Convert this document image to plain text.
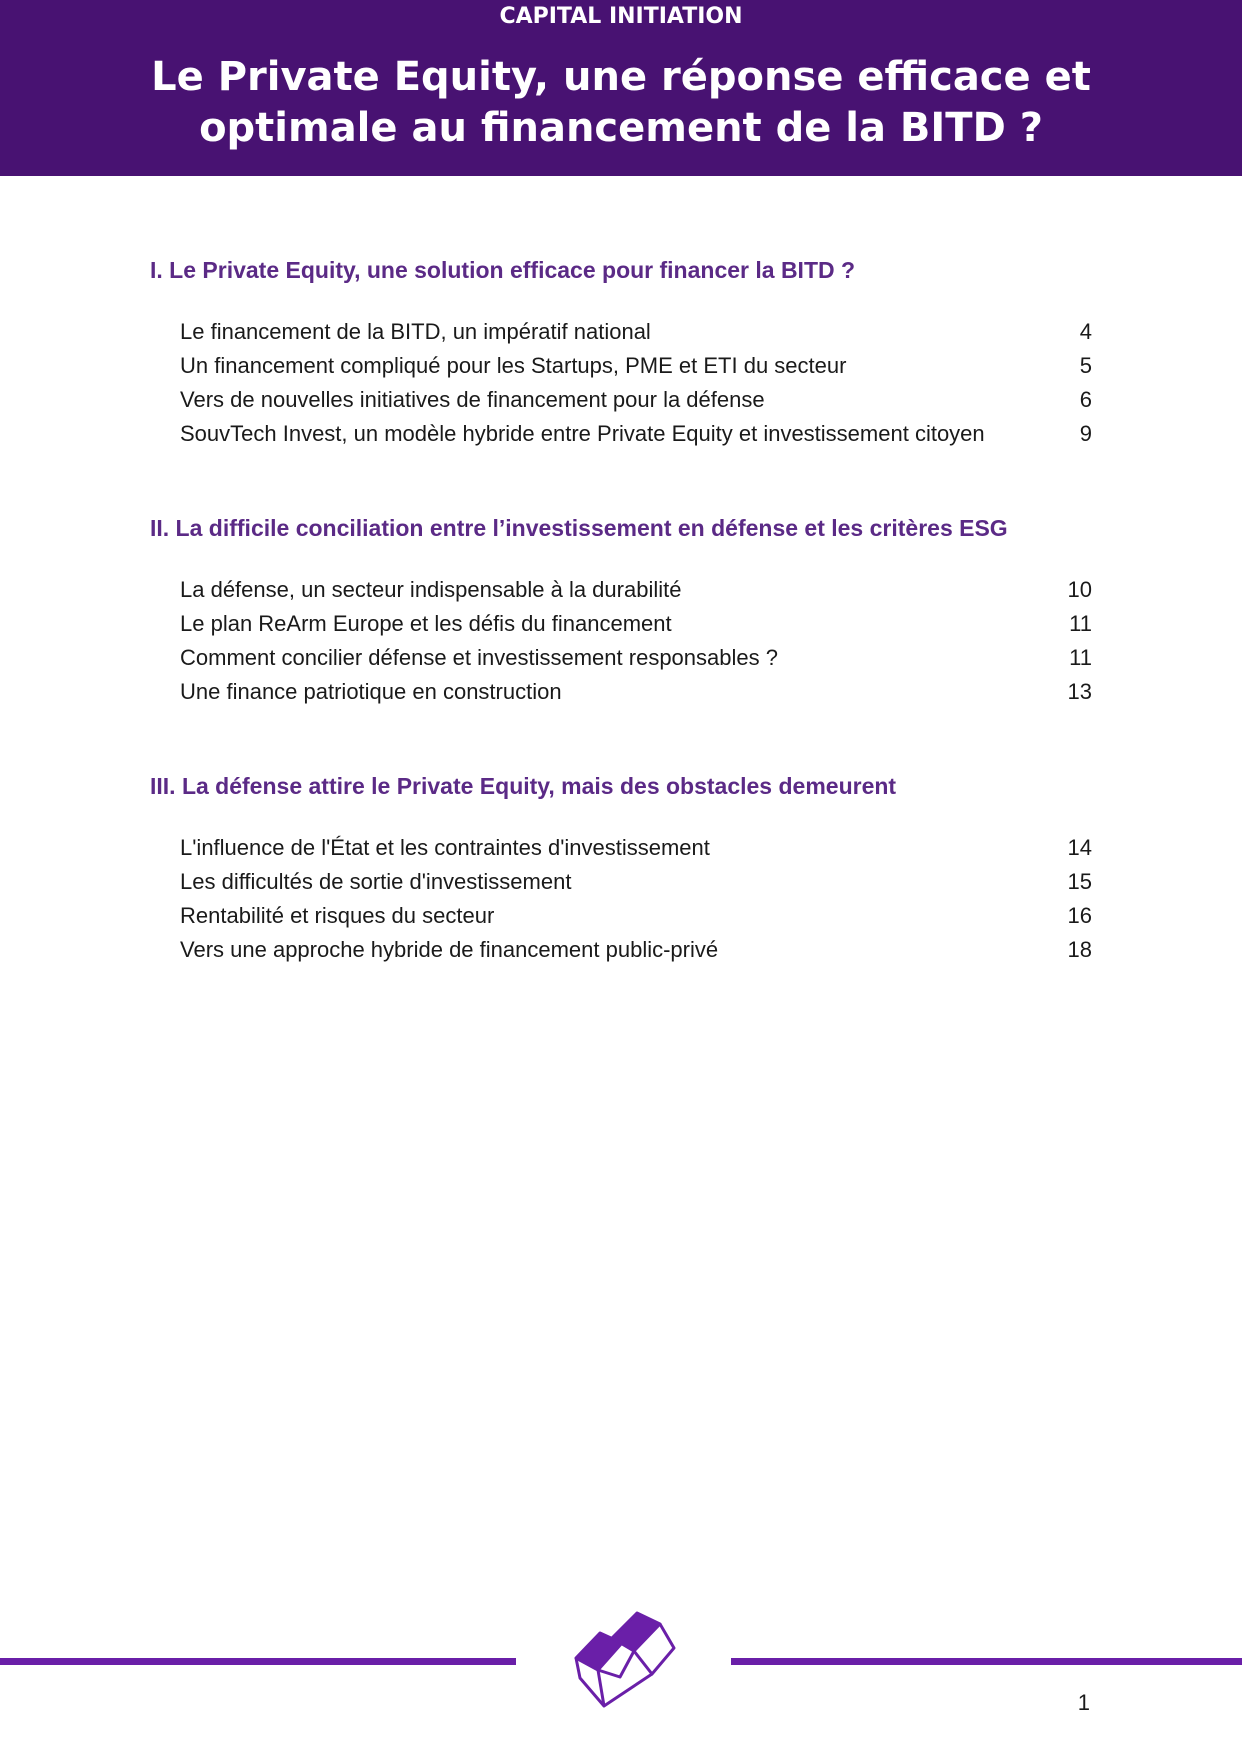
CAPITAL INITIATION
Le Private Equity, une réponse efficace et optimale au financement de la BITD ?
I. Le Private Equity, une solution efficace pour financer la BITD ?
Le financement de la BITD, un impératif national	4
Un financement compliqué pour les Startups, PME et ETI du secteur	5
Vers de nouvelles initiatives de financement pour la défense	6
SouvTech Invest, un modèle hybride entre Private Equity et investissement citoyen	9
II. La difficile conciliation entre l’investissement en défense et les critères ESG
La défense, un secteur indispensable à la durabilité	10
Le plan ReArm Europe et les défis du financement	11
Comment concilier défense et investissement responsables ?	11
Une finance patriotique en construction	13
III. La défense attire le Private Equity, mais des obstacles demeurent
L'influence de l'État et les contraintes d'investissement	14
Les difficultés de sortie d'investissement	15
Rentabilité et risques du secteur	16
Vers une approche hybride de financement public-privé	18
1
